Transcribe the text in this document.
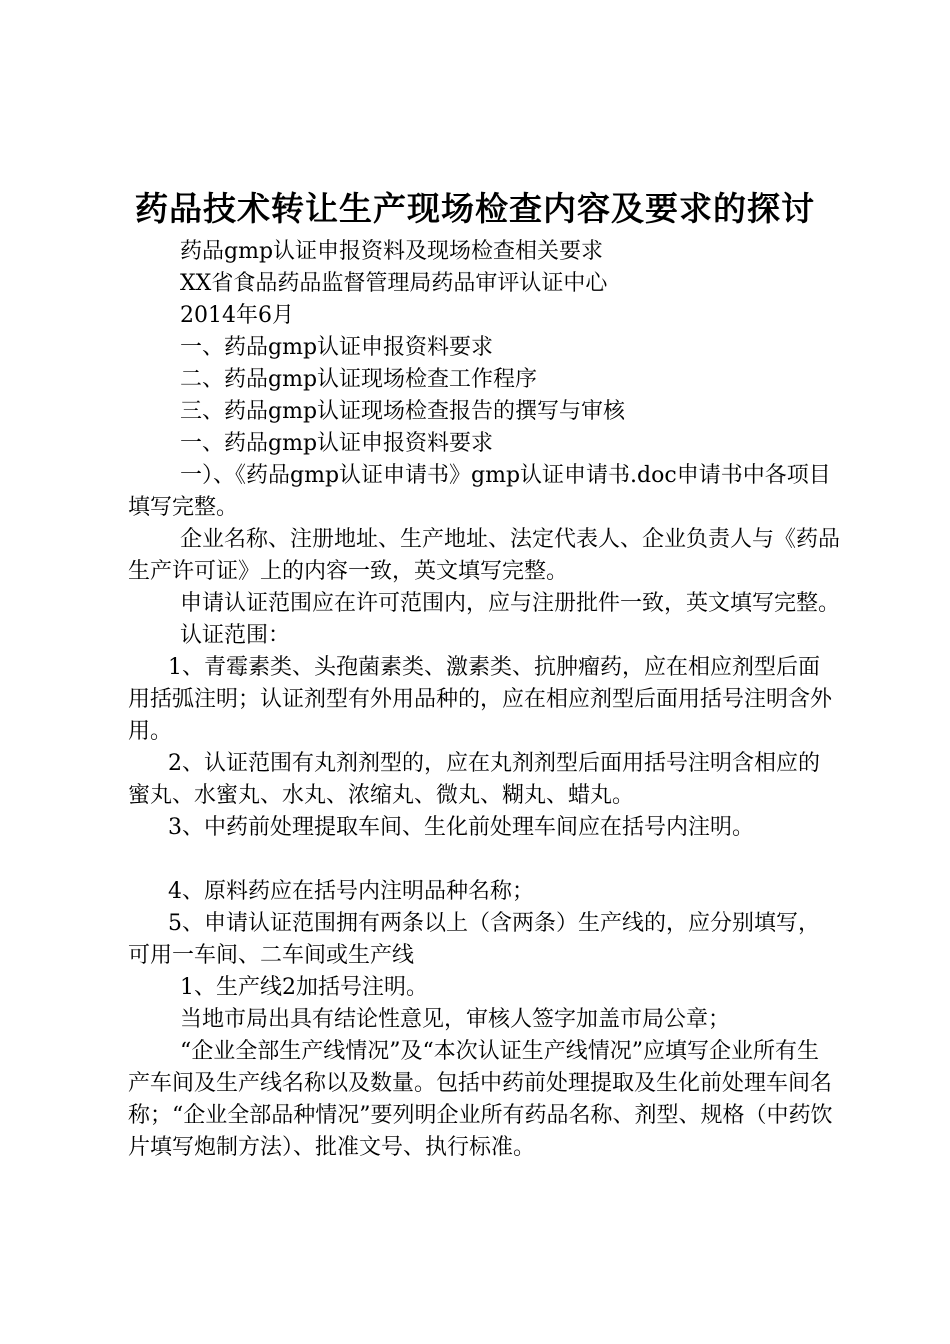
药品技术转让生产现场检查内容及要求的探讨

药品gmp认证申报资料及现场检查相关要求

XX省食品药品监督管理局药品审评认证中心

2014年6月

一、药品gmp认证申报资料要求

二、药品gmp认证现场检查工作程序

三、药品gmp认证现场检查报告的撰写与审核

一、药品gmp认证申报资料要求

一）、《药品gmp认证申请书》gmp认证申请书.doc申请书中各项目填写完整。

企业名称、注册地址、生产地址、法定代表人、企业负责人与《药品生产许可证》上的内容一致，英文填写完整。

申请认证范围应在许可范围内，应与注册批件一致，英文填写完整。

认证范围：

1、青霉素类、头孢菌素类、激素类、抗肿瘤药，应在相应剂型后面用括弧注明；认证剂型有外用品种的，应在相应剂型后面用括号注明含外用。

2、认证范围有丸剂剂型的，应在丸剂剂型后面用括号注明含相应的蜜丸、水蜜丸、水丸、浓缩丸、微丸、糊丸、蜡丸。

3、中药前处理提取车间、生化前处理车间应在括号内注明。

4、原料药应在括号内注明品种名称；

5、申请认证范围拥有两条以上（含两条）生产线的，应分别填写，可用一车间、二车间或生产线

1、生产线2加括号注明。

当地市局出具有结论性意见，审核人签字加盖市局公章；

“企业全部生产线情况”及“本次认证生产线情况”应填写企业所有生产车间及生产线名称以及数量。包括中药前处理提取及生化前处理车间名称；“企业全部品种情况”要列明企业所有药品名称、剂型、规格（中药饮片填写炮制方法）、批准文号、执行标准。
